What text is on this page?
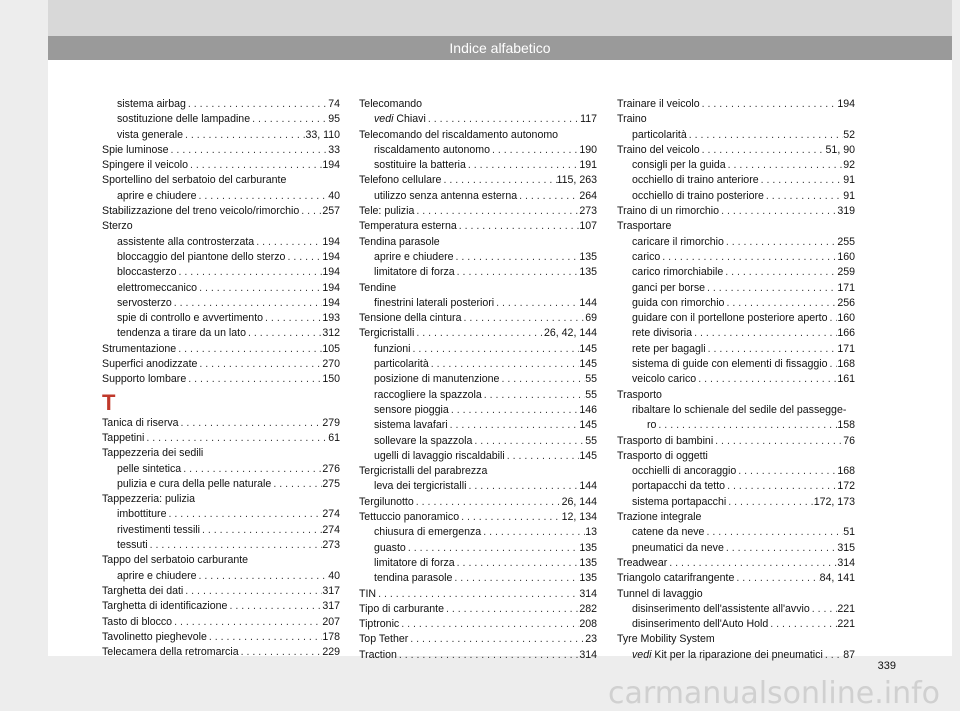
Indice alfabetico
sistema airbag . . .	74
sostituzione delle lampadine . . .	95
vista generale . . .	33, 110
Spie luminose . . .	33
Spingere il veicolo . . .	194
Sportellino del serbatoio del carburante
aprire e chiudere . . .	40
Stabilizzazione del treno veicolo/rimorchio . . . 257
Sterzo
assistente alla controsterzata . . .	194
bloccaggio del piantone dello sterzo . . .	194
bloccasterzo . . .	194
elettromeccanico . . .	194
servosterzo . . .	194
spie di controllo e avvertimento . . .	193
tendenza a tirare da un lato . . .	312
Strumentazione . . .	105
Superfici anodizzate . . .	270
Supporto lombare . . .	150
T
Tanica di riserva . . .	279
Tappetini . . .	61
Tappezzeria dei sedili
pelle sintetica . . .	276
pulizia e cura della pelle naturale . . .	275
Tappezzeria: pulizia
imbottiture . . .	274
rivestimenti tessili . . .	274
tessuti . . .	273
Tappo del serbatoio carburante
aprire e chiudere . . .	40
Targhetta dei dati . . .	317
Targhetta di identificazione . . .	317
Tasto di blocco . . .	207
Tavolinetto pieghevole . . .	178
Telecamera della retromarcia . . .	229
Telecomando
vedi Chiavi . . .	117
Telecomando del riscaldamento autonomo
riscaldamento autonomo . . .	190
sostituire la batteria . . .	191
Telefono cellulare . . .	115, 263
utilizzo senza antenna esterna . . .	264
Tele: pulizia . . .	273
Temperatura esterna . . .	107
Tendina parasole
aprire e chiudere . . .	135
limitatore di forza . . .	135
Tendine
finestrini laterali posteriori . . .	144
Tensione della cintura . . .	69
Tergicristalli . . .	26, 42, 144
funzioni . . .	145
particolarità . . .	145
posizione di manutenzione . . .	55
raccogliere la spazzola . . .	55
sensore pioggia . . .	146
sistema lavafari . . .	145
sollevare la spazzola . . .	55
ugelli di lavaggio riscaldabili . . .	145
Tergicristalli del parabrezza
leva dei tergicristalli . . .	144
Tergilunotto . . .	26, 144
Tettuccio panoramico . . .	12, 134
chiusura di emergenza . . .	13
guasto . . .	135
limitatore di forza . . .	135
tendina parasole . . .	135
TIN . . .	314
Tipo di carburante . . .	282
Tiptronic . . .	208
Top Tether . . .	23
Traction . . .	314
Trainare il veicolo . . .	194
Traino
particolarità . . .	52
Traino del veicolo . . .	51, 90
consigli per la guida . . .	92
occhiello di traino anteriore . . .	91
occhiello di traino posteriore . . .	91
Traino di un rimorchio . . .	319
Trasportare
caricare il rimorchio . . .	255
carico . . .	160
carico rimorchiabile . . .	259
ganci per borse . . .	171
guida con rimorchio . . .	256
guidare con il portellone posteriore aperto . . . 160
rete divisoria . . .	166
rete per bagagli . . .	171
sistema di guide con elementi di fissaggio . . . 168
veicolo carico . . .	161
Trasporto
ribaltare lo schienale del sedile del passegge-
ro . . .	158
Trasporto di bambini . . .	76
Trasporto di oggetti
occhielli di ancoraggio . . .	168
portapacchi da tetto . . .	172
sistema portapacchi . . .	172, 173
Trazione integrale
catene da neve . . .	51
pneumatici da neve . . .	315
Treadwear . . .	314
Triangolo catarifrangente . . .	84, 141
Tunnel di lavaggio
disinserimento dell'assistente all'avvio . . .	221
disinserimento dell'Auto Hold . . .	221
Tyre Mobility System
vedi Kit per la riparazione dei pneumatici . . . 87
339
carmanualsonline.info
